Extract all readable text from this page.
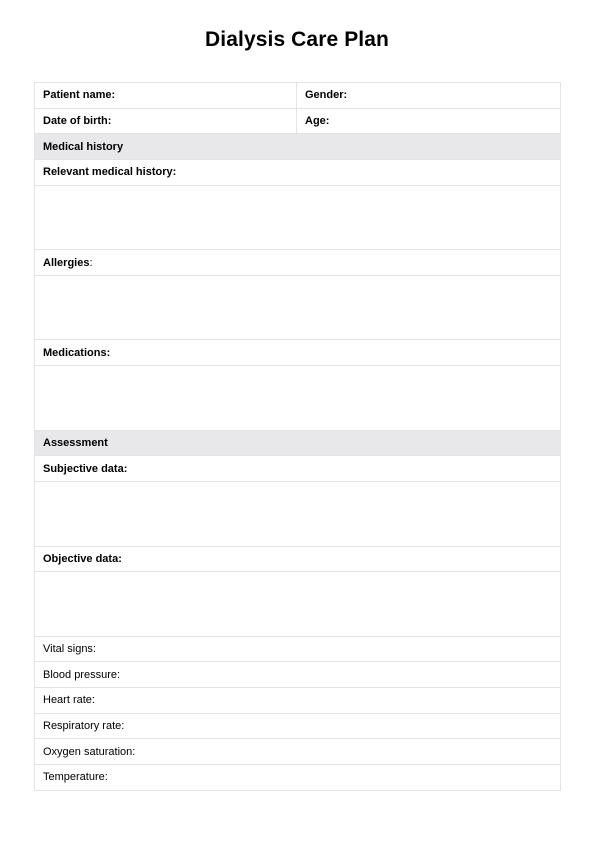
Dialysis Care Plan
Patient name:	Gender:
Date of birth:	Age:
Medical history
Relevant medical history:
Allergies :
Medications:
Assessment
Subjective data:
Objective data:
Vital signs:
Blood pressure:
Heart rate:
Respiratory rate:
Oxygen saturation:
Temperature:
